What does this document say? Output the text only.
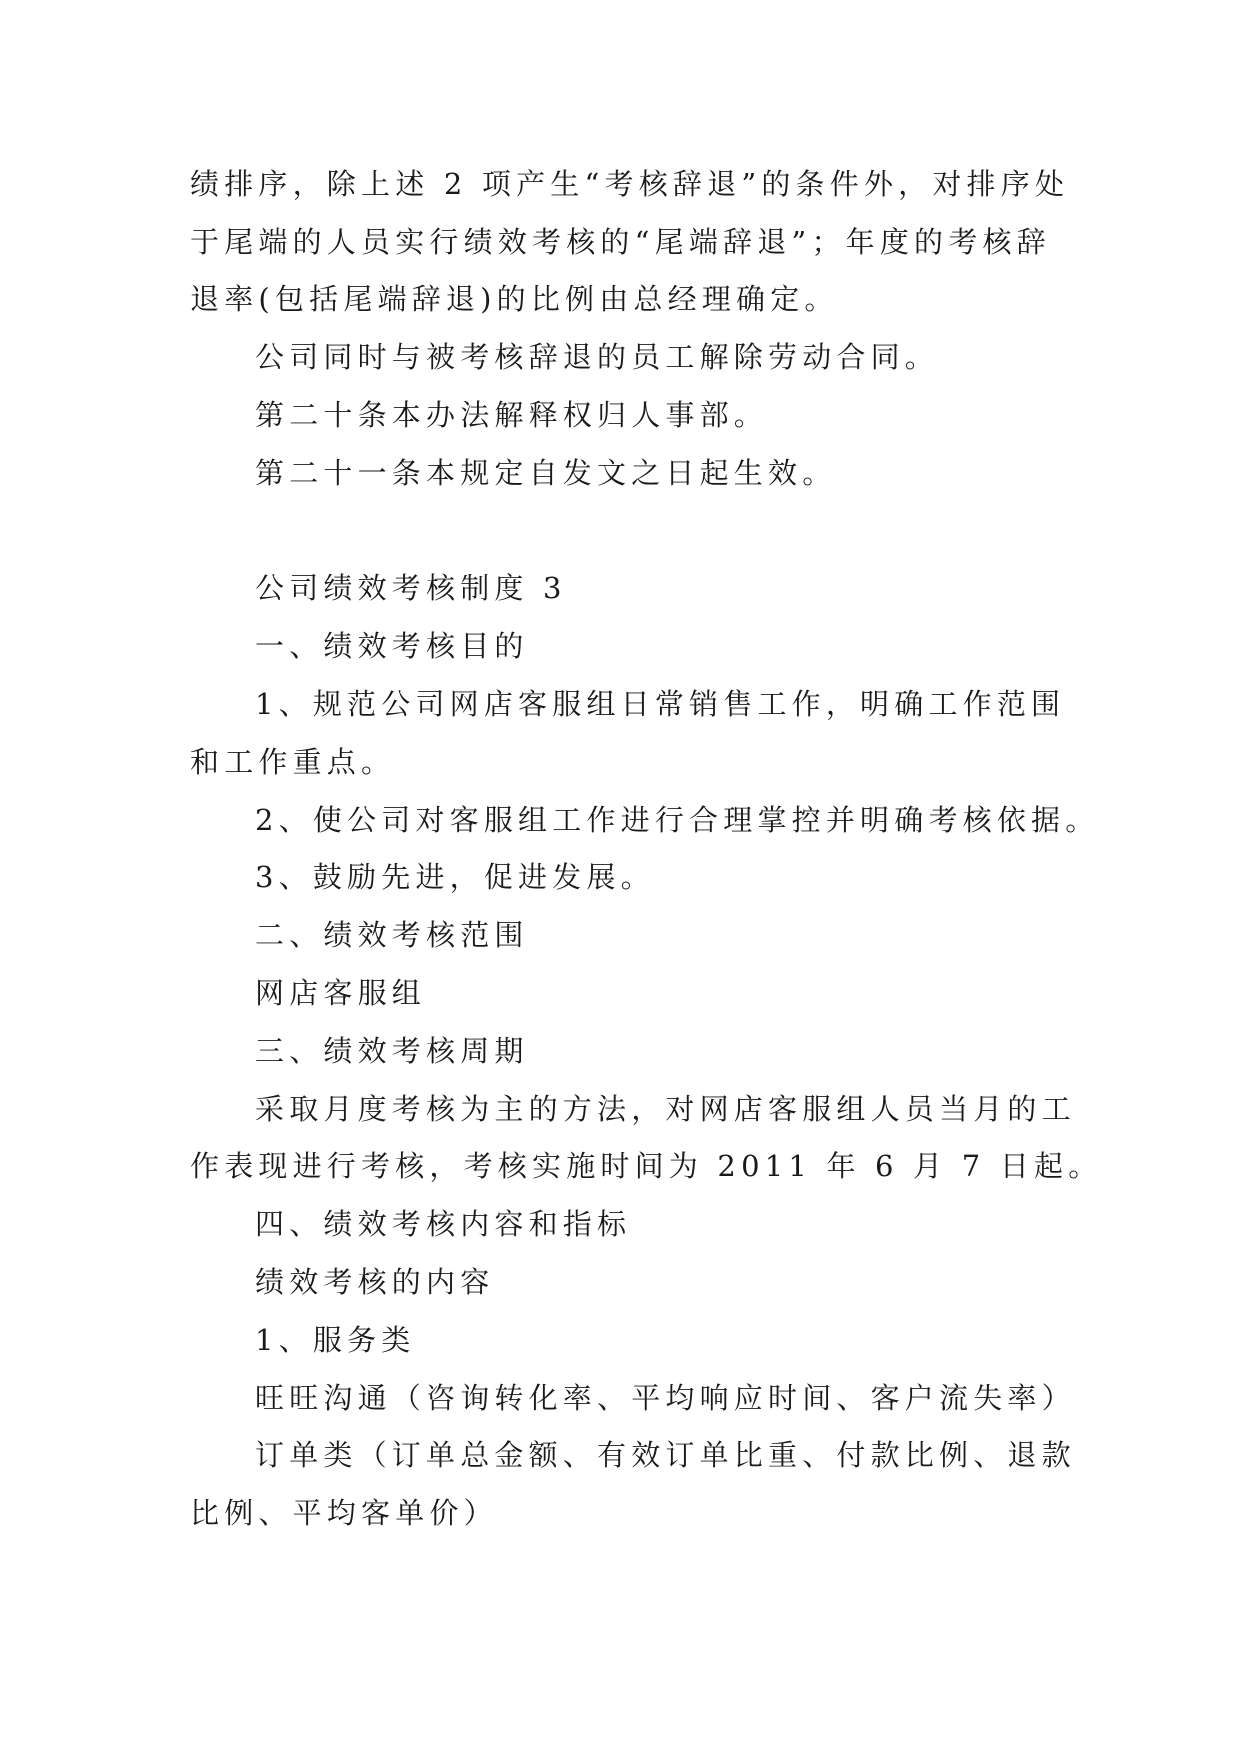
绩排序，除上述 2 项产生“考核辞退”的条件外，对排序处
于尾端的人员实行绩效考核的“尾端辞退”；年度的考核辞
退率(包括尾端辞退)的比例由总经理确定。
公司同时与被考核辞退的员工解除劳动合同。
第二十条本办法解释权归人事部。
第二十一条本规定自发文之日起生效。
公司绩效考核制度 3
一、绩效考核目的
1、规范公司网店客服组日常销售工作，明确工作范围
和工作重点。
2、使公司对客服组工作进行合理掌控并明确考核依据。
3、鼓励先进，促进发展。
二、绩效考核范围
网店客服组
三、绩效考核周期
采取月度考核为主的方法，对网店客服组人员当月的工
作表现进行考核，考核实施时间为 2011 年 6 月 7 日起。
四、绩效考核内容和指标
绩效考核的内容
1、服务类
旺旺沟通（咨询转化率、平均响应时间、客户流失率）
订单类（订单总金额、有效订单比重、付款比例、退款
比例、平均客单价）
